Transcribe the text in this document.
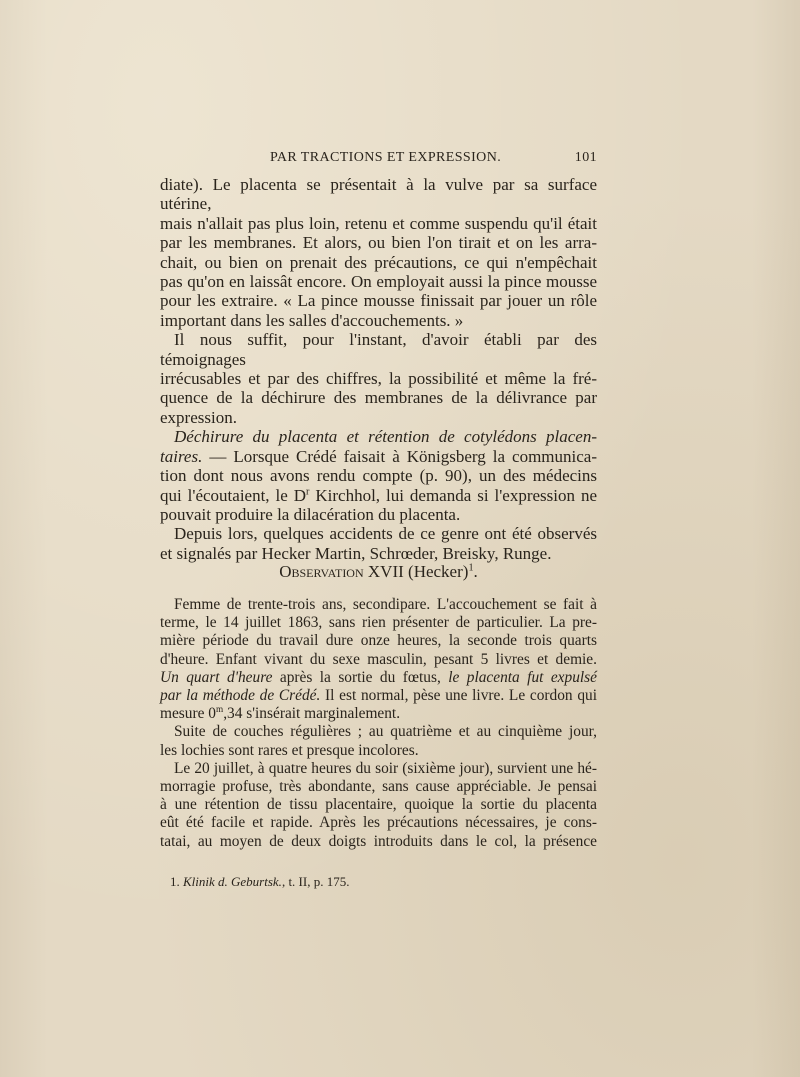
PAR TRACTIONS ET EXPRESSION.	101
diate). Le placenta se présentait à la vulve par sa surface utérine,
mais n'allait pas plus loin, retenu et comme suspendu qu'il était
par les membranes. Et alors, ou bien l'on tirait et on les arra-
chait, ou bien on prenait des précautions, ce qui n'empêchait
pas qu'on en laissât encore. On employait aussi la pince mousse
pour les extraire. « La pince mousse finissait par jouer un rôle
important dans les salles d'accouchements. »
Il nous suffit, pour l'instant, d'avoir établi par des témoignages
irrécusables et par des chiffres, la possibilité et même la fré-
quence de la déchirure des membranes de la délivrance par
expression.
Déchirure du placenta et rétention de cotylédons placen-
taires. — Lorsque Crédé faisait à Königsberg la communica-
tion dont nous avons rendu compte (p. 90), un des médecins
qui l'écoutaient, le $D^r$ Kirchhol, lui demanda si l'expression ne
pouvait produire la dilacération du placenta.
Depuis lors, quelques accidents de ce genre ont été observés
et signalés par Hecker Martin, Schrœder, Breisky, Runge.
Observation XVII (Hecker)$^1$.
Femme de trente-trois ans, secondipare. L'accouchement se fait à
terme, le 14 juillet 1863, sans rien présenter de particulier. La pre-
mière période du travail dure onze heures, la seconde trois quarts
d'heure. Enfant vivant du sexe masculin, pesant 5 livres et demie.
Un quart d'heure après la sortie du fœtus, le placenta fut expulsé
par la méthode de Crédé. Il est normal, pèse une livre. Le cordon qui
mesure 0$^m$,34 s'insérait marginalement.
Suite de couches régulières ; au quatrième et au cinquième jour,
les lochies sont rares et presque incolores.
Le 20 juillet, à quatre heures du soir (sixième jour), survient une hé-
morragie profuse, très abondante, sans cause appréciable. Je pensai
à une rétention de tissu placentaire, quoique la sortie du placenta
eût été facile et rapide. Après les précautions nécessaires, je cons-
tatai, au moyen de deux doigts introduits dans le col, la présence
1. Klinik d. Geburtsk., t. II, p. 175.
